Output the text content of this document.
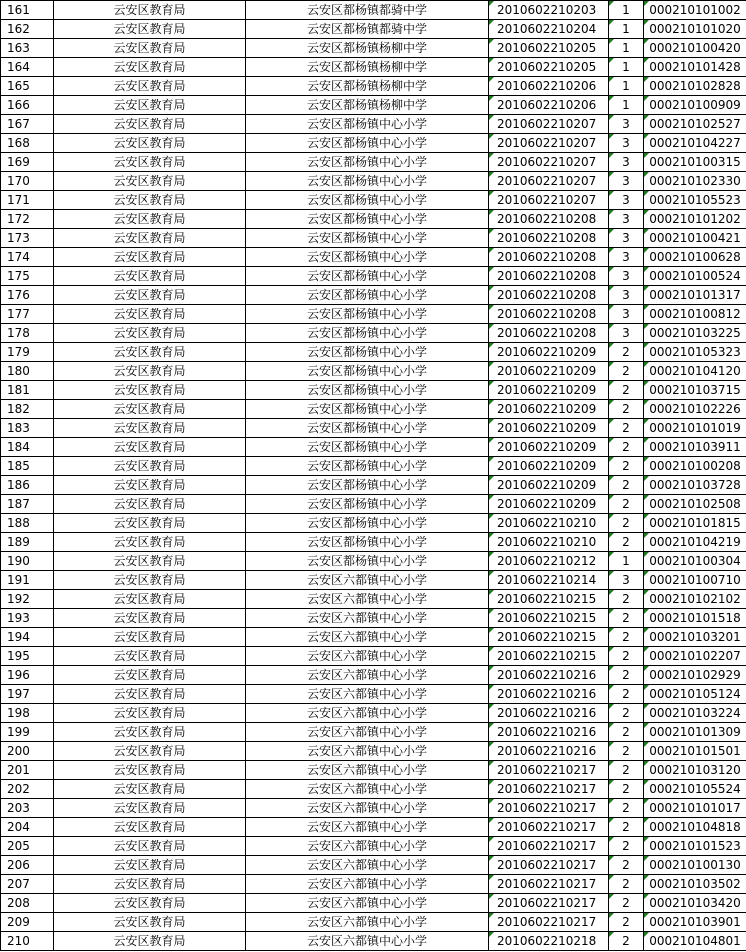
161	云安区教育局	云安区都杨镇都骑中学	2010602210203	1	000210101002
162	云安区教育局	云安区都杨镇都骑中学	2010602210204	1	000210101020
163	云安区教育局	云安区都杨镇杨柳中学	2010602210205	1	000210100420
164	云安区教育局	云安区都杨镇杨柳中学	2010602210205	1	000210101428
165	云安区教育局	云安区都杨镇杨柳中学	2010602210206	1	000210102828
166	云安区教育局	云安区都杨镇杨柳中学	2010602210206	1	000210100909
167	云安区教育局	云安区都杨镇中心小学	2010602210207	3	000210102527
168	云安区教育局	云安区都杨镇中心小学	2010602210207	3	000210104227
169	云安区教育局	云安区都杨镇中心小学	2010602210207	3	000210100315
170	云安区教育局	云安区都杨镇中心小学	2010602210207	3	000210102330
171	云安区教育局	云安区都杨镇中心小学	2010602210207	3	000210105523
172	云安区教育局	云安区都杨镇中心小学	2010602210208	3	000210101202
173	云安区教育局	云安区都杨镇中心小学	2010602210208	3	000210100421
174	云安区教育局	云安区都杨镇中心小学	2010602210208	3	000210100628
175	云安区教育局	云安区都杨镇中心小学	2010602210208	3	000210100524
176	云安区教育局	云安区都杨镇中心小学	2010602210208	3	000210101317
177	云安区教育局	云安区都杨镇中心小学	2010602210208	3	000210100812
178	云安区教育局	云安区都杨镇中心小学	2010602210208	3	000210103225
179	云安区教育局	云安区都杨镇中心小学	2010602210209	2	000210105323
180	云安区教育局	云安区都杨镇中心小学	2010602210209	2	000210104120
181	云安区教育局	云安区都杨镇中心小学	2010602210209	2	000210103715
182	云安区教育局	云安区都杨镇中心小学	2010602210209	2	000210102226
183	云安区教育局	云安区都杨镇中心小学	2010602210209	2	000210101019
184	云安区教育局	云安区都杨镇中心小学	2010602210209	2	000210103911
185	云安区教育局	云安区都杨镇中心小学	2010602210209	2	000210100208
186	云安区教育局	云安区都杨镇中心小学	2010602210209	2	000210103728
187	云安区教育局	云安区都杨镇中心小学	2010602210209	2	000210102508
188	云安区教育局	云安区都杨镇中心小学	2010602210210	2	000210101815
189	云安区教育局	云安区都杨镇中心小学	2010602210210	2	000210104219
190	云安区教育局	云安区都杨镇中心小学	2010602210212	1	000210100304
191	云安区教育局	云安区六都镇中心小学	2010602210214	3	000210100710
192	云安区教育局	云安区六都镇中心小学	2010602210215	2	000210102102
193	云安区教育局	云安区六都镇中心小学	2010602210215	2	000210101518
194	云安区教育局	云安区六都镇中心小学	2010602210215	2	000210103201
195	云安区教育局	云安区六都镇中心小学	2010602210215	2	000210102207
196	云安区教育局	云安区六都镇中心小学	2010602210216	2	000210102929
197	云安区教育局	云安区六都镇中心小学	2010602210216	2	000210105124
198	云安区教育局	云安区六都镇中心小学	2010602210216	2	000210103224
199	云安区教育局	云安区六都镇中心小学	2010602210216	2	000210101309
200	云安区教育局	云安区六都镇中心小学	2010602210216	2	000210101501
201	云安区教育局	云安区六都镇中心小学	2010602210217	2	000210103120
202	云安区教育局	云安区六都镇中心小学	2010602210217	2	000210105524
203	云安区教育局	云安区六都镇中心小学	2010602210217	2	000210101017
204	云安区教育局	云安区六都镇中心小学	2010602210217	2	000210104818
205	云安区教育局	云安区六都镇中心小学	2010602210217	2	000210101523
206	云安区教育局	云安区六都镇中心小学	2010602210217	2	000210100130
207	云安区教育局	云安区六都镇中心小学	2010602210217	2	000210103502
208	云安区教育局	云安区六都镇中心小学	2010602210217	2	000210103420
209	云安区教育局	云安区六都镇中心小学	2010602210217	2	000210103901
210	云安区教育局	云安区六都镇中心小学	2010602210218	2	000210104801
